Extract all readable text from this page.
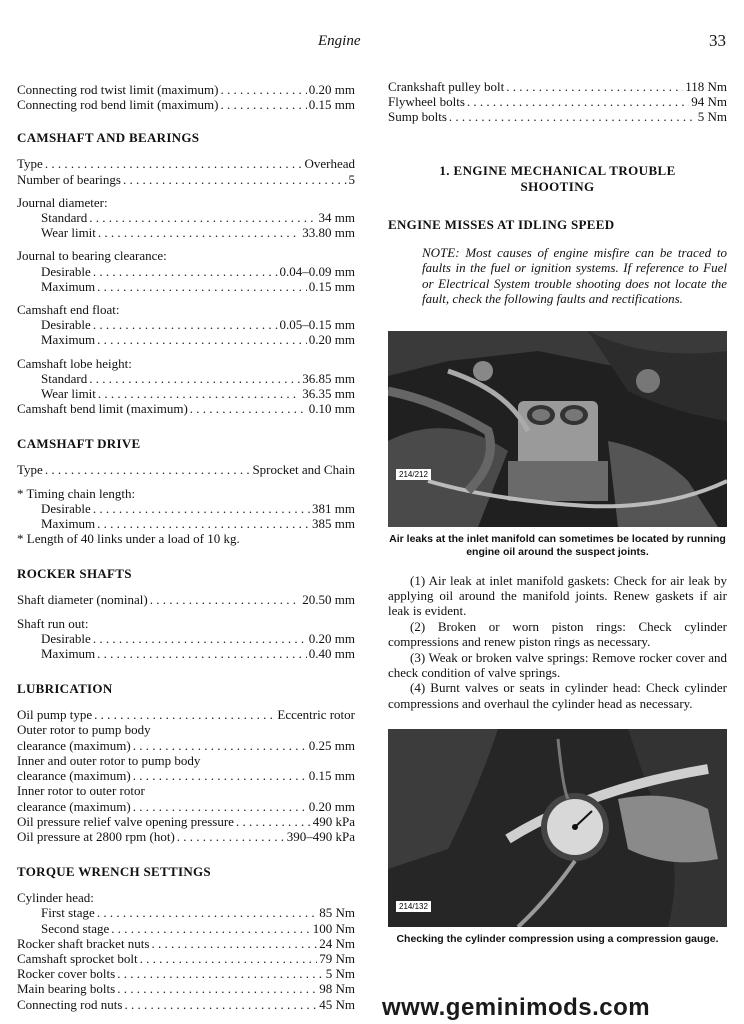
Engine	33
Connecting rod twist limit (maximum) . . .	0.20 mm
Connecting rod bend limit (maximum) . . .	0.15 mm
CAMSHAFT AND BEARINGS
Type . . .	Overhead
Number of bearings . . .	5
Journal diameter:
Standard . . .	34 mm
Wear limit . . .	33.80 mm
Journal to bearing clearance:
Desirable . . .	0.04–0.09 mm
Maximum . . .	0.15 mm
Camshaft end float:
Desirable . . .	0.05–0.15 mm
Maximum . . .	0.20 mm
Camshaft lobe height:
Standard . . .	36.85 mm
Wear limit . . .	36.35 mm
Camshaft bend limit (maximum) . . .	0.10 mm
CAMSHAFT DRIVE
Type . . .	Sprocket and Chain
* Timing chain length:
Desirable . . .	381 mm
Maximum . . .	385 mm
* Length of 40 links under a load of 10 kg.
ROCKER SHAFTS
Shaft diameter (nominal) . . .	20.50 mm
Shaft run out:
Desirable . . .	0.20 mm
Maximum . . .	0.40 mm
LUBRICATION
Oil pump type . . .	Eccentric rotor
Outer rotor to pump body
clearance (maximum) . . .	0.25 mm
Inner and outer rotor to pump body
clearance (maximum) . . .	0.15 mm
Inner rotor to outer rotor
clearance (maximum) . . .	0.20 mm
Oil pressure relief valve opening pressure . . .	490 kPa
Oil pressure at 2800 rpm (hot) . . .	390–490 kPa
TORQUE WRENCH SETTINGS
Cylinder head:
First stage . . .	85 Nm
Second stage . . .	100 Nm
Rocker shaft bracket nuts . . .	24 Nm
Camshaft sprocket bolt . . .	79 Nm
Rocker cover bolts . . .	5 Nm
Main bearing bolts . . .	98 Nm
Connecting rod nuts . . .	45 Nm
Crankshaft pulley bolt . . .	118 Nm
Flywheel bolts . . .	94 Nm
Sump bolts . . .	5 Nm
1. ENGINE MECHANICAL TROUBLE
SHOOTING
ENGINE MISSES AT IDLING SPEED
NOTE: Most causes of engine misfire can be traced to faults in the fuel or ignition systems. If reference to Fuel or Electrical System trouble shooting does not locate the fault, check the following faults and rectifications.
214/212
Air leaks at the inlet manifold can sometimes be located by running engine oil around the suspect joints.
(1) Air leak at inlet manifold gaskets: Check for air leak by applying oil around the manifold joints. Renew gaskets if air leak is evident.
(2) Broken or worn piston rings: Check cylinder compressions and renew piston rings as necessary.
(3) Weak or broken valve springs: Remove rocker cover and check condition of valve springs.
(4) Burnt valves or seats in cylinder head: Check cylinder compressions and overhaul the cylinder head as necessary.
214/132
Checking the cylinder compression using a compression gauge.
www.geminimods.com
